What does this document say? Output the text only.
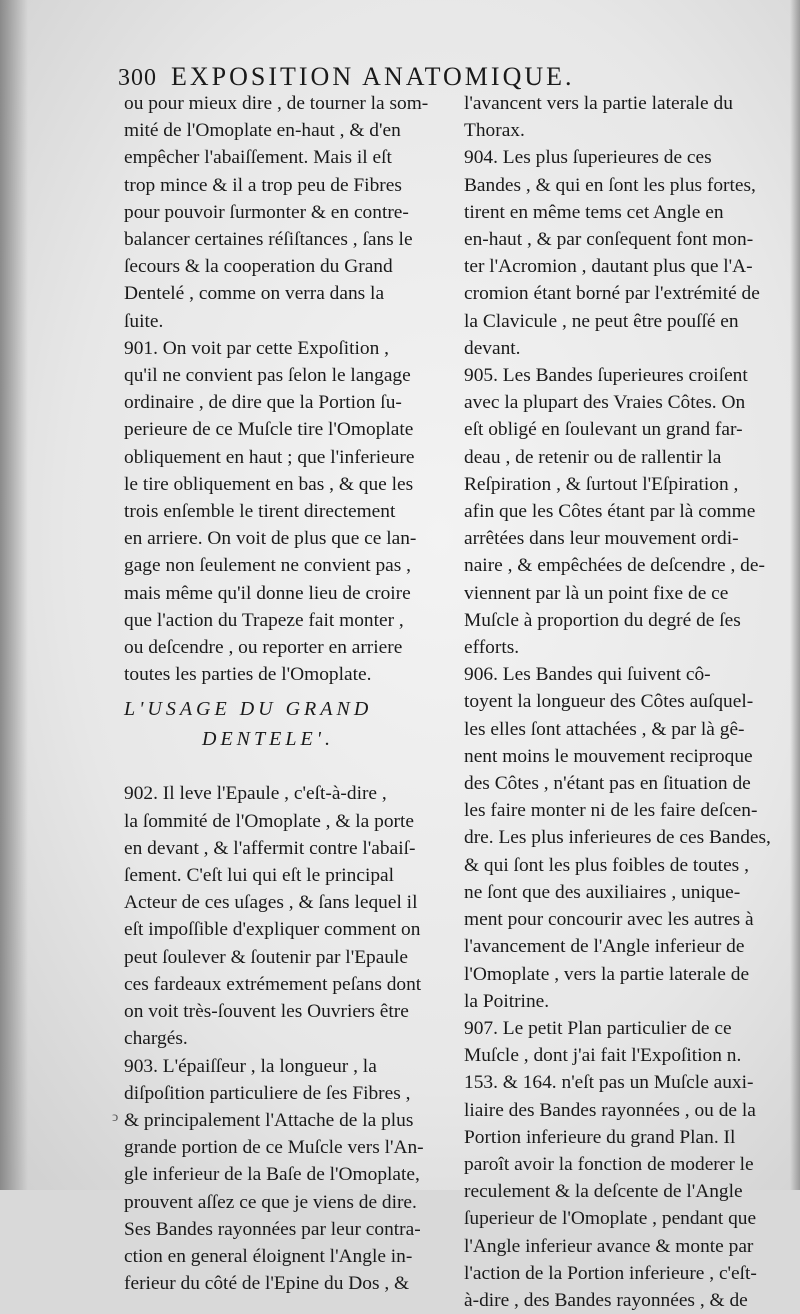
300 EXPOSITION ANATOMIQUE.
ou pour mieux dire , de tourner la som-
mité de l'Omoplate en-haut , & d'en
empêcher l'abaiſſement. Mais il eſt
trop mince & il a trop peu de Fibres
pour pouvoir ſurmonter & en contre-
balancer certaines réſiſtances , ſans le
ſecours & la cooperation du Grand
Dentelé , comme on verra dans la
ſuite.
901. On voit par cette Expoſition ,
qu'il ne convient pas ſelon le langage
ordinaire , de dire que la Portion ſu-
perieure de ce Muſcle tire l'Omoplate
obliquement en haut ; que l'inferieure
le tire obliquement en bas , & que les
trois enſemble le tirent directement
en arriere. On voit de plus que ce lan-
gage non ſeulement ne convient pas ,
mais même qu'il donne lieu de croire
que l'action du Trapeze fait monter ,
ou deſcendre , ou reporter en arriere
toutes les parties de l'Omoplate.
L'USAGE DU GRAND
DENTELE'.
902. Il leve l'Epaule , c'eſt-à-dire ,
la ſommité de l'Omoplate , & la porte
en devant , & l'affermit contre l'abaiſ-
ſement. C'eſt lui qui eſt le principal
Acteur de ces uſages , & ſans lequel il
eſt impoſſible d'expliquer comment on
peut ſoulever & ſoutenir par l'Epaule
ces fardeaux extrémement peſans dont
on voit très-ſouvent les Ouvriers être
chargés.
903. L'épaiſſeur , la longueur , la
diſpoſition particuliere de ſes Fibres ,
& principalement l'Attache de la plus
grande portion de ce Muſcle vers l'An-
gle inferieur de la Baſe de l'Omoplate,
prouvent aſſez ce que je viens de dire.
Ses Bandes rayonnées par leur contra-
ction en general éloignent l'Angle in-
ferieur du côté de l'Epine du Dos , &
l'avancent vers la partie laterale du
Thorax.
904. Les plus ſuperieures de ces
Bandes , & qui en ſont les plus fortes,
tirent en même tems cet Angle en
en-haut , & par conſequent font mon-
ter l'Acromion , dautant plus que l'A-
cromion étant borné par l'extrémité de
la Clavicule , ne peut être pouſſé en
devant.
905. Les Bandes ſuperieures croiſent
avec la plupart des Vraies Côtes. On
eſt obligé en ſoulevant un grand far-
deau , de retenir ou de rallentir la
Reſpiration , & ſurtout l'Eſpiration ,
afin que les Côtes étant par là comme
arrêtées dans leur mouvement ordi-
naire , & empêchées de deſcendre , de-
viennent par là un point fixe de ce
Muſcle à proportion du degré de ſes
efforts.
906. Les Bandes qui ſuivent cô-
toyent la longueur des Côtes auſquel-
les elles ſont attachées , & par là gê-
nent moins le mouvement reciproque
des Côtes , n'étant pas en ſituation de
les faire monter ni de les faire deſcen-
dre. Les plus inferieures de ces Bandes,
& qui ſont les plus foibles de toutes ,
ne ſont que des auxiliaires , unique-
ment pour concourir avec les autres à
l'avancement de l'Angle inferieur de
l'Omoplate , vers la partie laterale de
la Poitrine.
907. Le petit Plan particulier de ce
Muſcle , dont j'ai fait l'Expoſition n.
153. & 164. n'eſt pas un Muſcle auxi-
liaire des Bandes rayonnées , ou de la
Portion inferieure du grand Plan. Il
paroît avoir la fonction de moderer le
reculement & la deſcente de l'Angle
ſuperieur de l'Omoplate , pendant que
l'Angle inferieur avance & monte par
l'action de la Portion inferieure , c'eſt-
à-dire , des Bandes rayonnées , & de
ↄ
